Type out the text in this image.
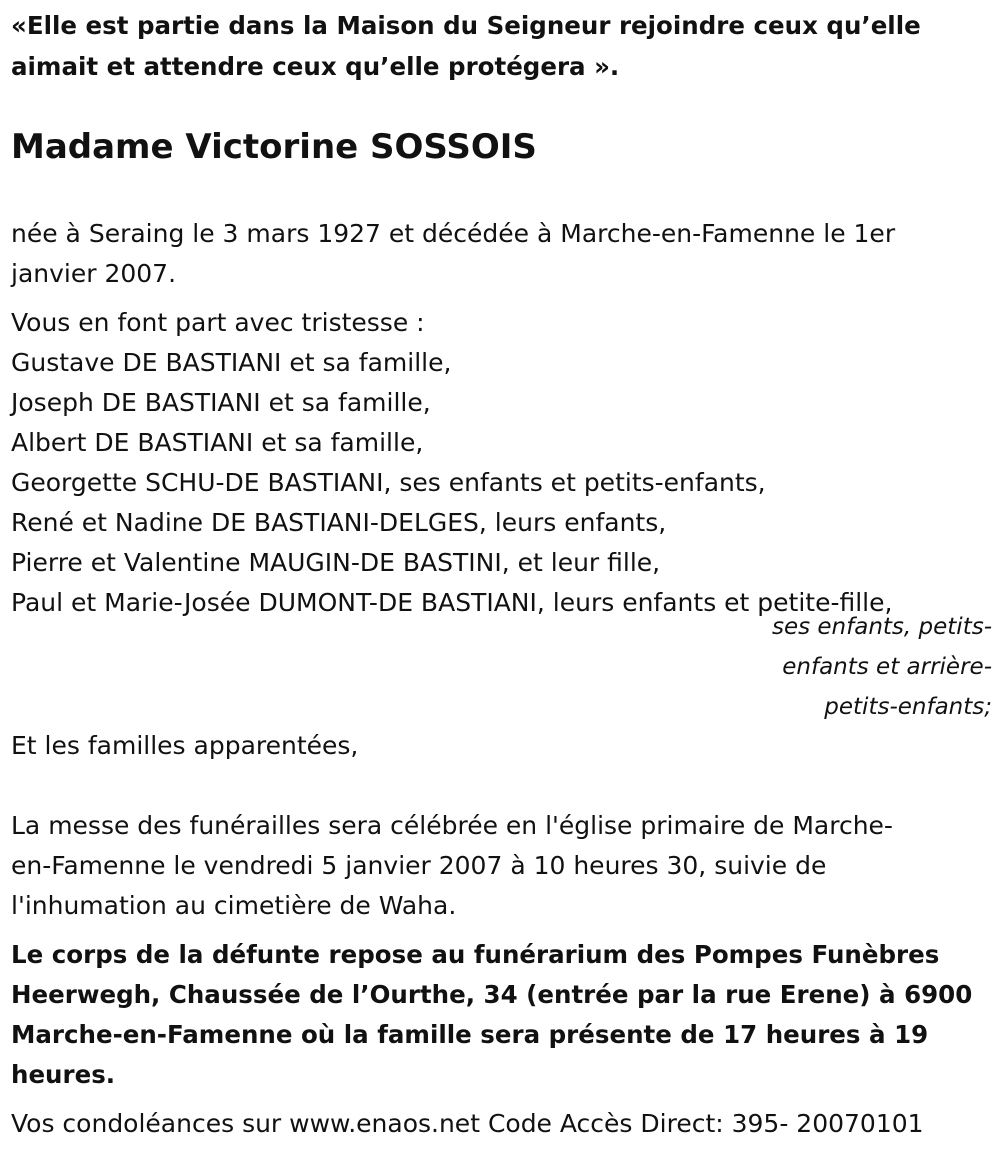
«Elle est partie dans la Maison du Seigneur rejoindre ceux qu’elle
aimait et attendre ceux qu’elle protégera ».
Madame Victorine SOSSOIS
née à Seraing le 3 mars 1927 et décédée à Marche-en-Famenne le 1er
janvier 2007.
Vous en font part avec tristesse :
Gustave DE BASTIANI et sa famille,
Joseph DE BASTIANI et sa famille,
Albert DE BASTIANI et sa famille,
Georgette SCHU-DE BASTIANI, ses enfants et petits-enfants,
René et Nadine DE BASTIANI-DELGES, leurs enfants,
Pierre et Valentine MAUGIN-DE BASTINI, et leur fille,
Paul et Marie-Josée DUMONT-DE BASTIANI, leurs enfants et petite-fille,
ses enfants, petits-
enfants et arrière-
petits-enfants;
Et les familles apparentées,
La messe des funérailles sera célébrée en l'église primaire de Marche-
en-Famenne le vendredi 5 janvier 2007 à 10 heures 30, suivie de
l'inhumation au cimetière de Waha.
Le corps de la défunte repose au funérarium des Pompes Funèbres
Heerwegh, Chaussée de l’Ourthe, 34 (entrée par la rue Erene) à 6900
Marche-en-Famenne où la famille sera présente de 17 heures à 19
heures.
Vos condoléances sur www.enaos.net Code Accès Direct: 395- 20070101
